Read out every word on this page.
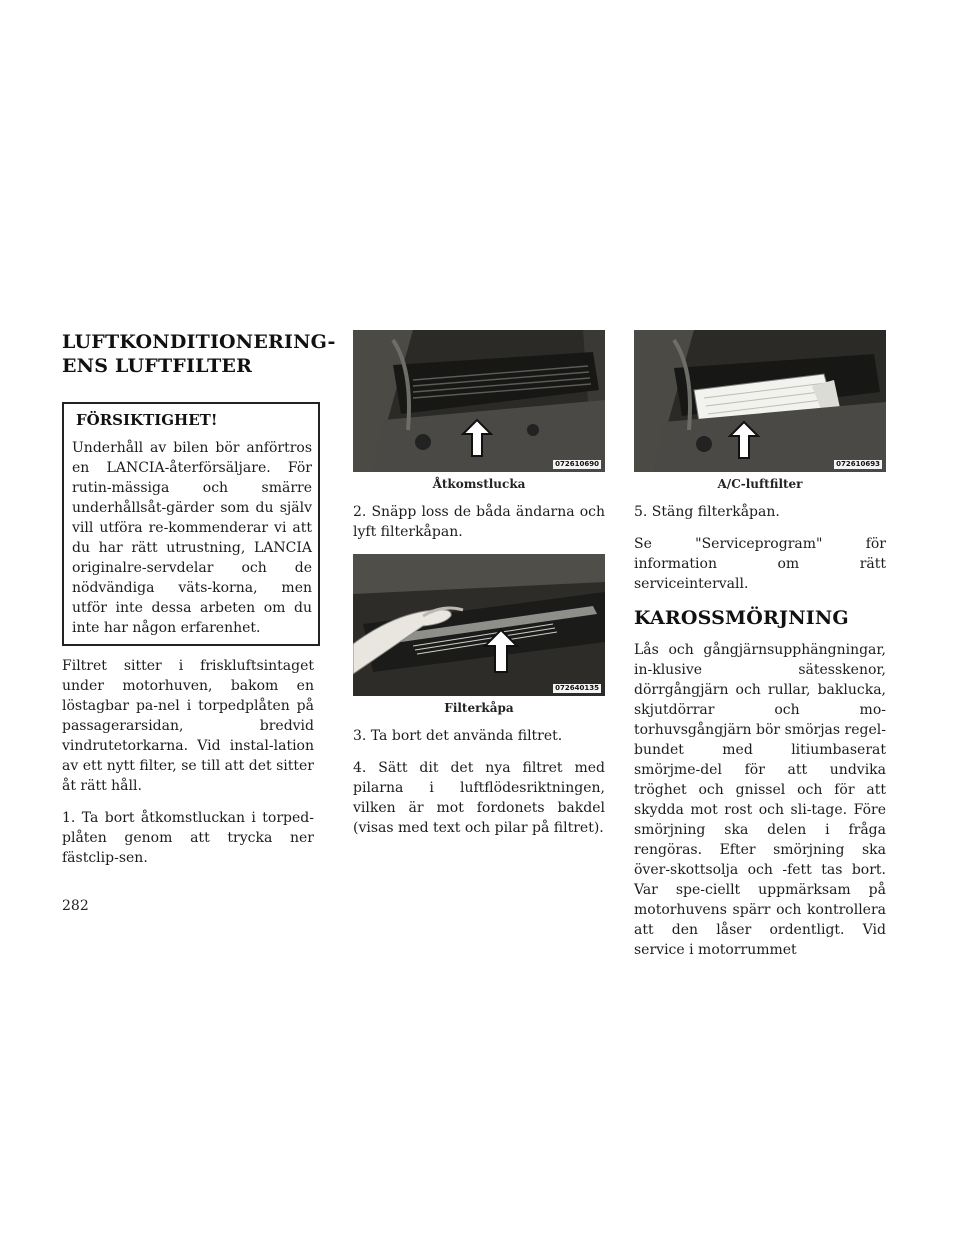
LUFTKONDITIONERING-
ENS LUFTFILTER
FÖRSIKTIGHET!

Underhåll av bilen bör anförtros en LANCIA-återförsäljare. För rutin-mässiga och smärre underhållsåt-gärder som du själv vill utföra re-kommenderar vi att du har rätt utrustning, LANCIA originalre-servdelar och de nödvändiga väts-korna, men utför inte dessa arbeten om du inte har någon erfarenhet.

Filtret sitter i friskluftsintaget under motorhuven, bakom en löstagbar pa-nel i torpedplåten på passagerarsidan, bredvid vindrutetorkarna. Vid instal-lation av ett nytt filter, se till att det sitter åt rätt håll.

1. Ta bort åtkomstluckan i torped-plåten genom att trycka ner fästclip-sen.

072610690
Åtkomstlucka

2. Snäpp loss de båda ändarna och lyft filterkåpan.

072640135
Filterkåpa

3. Ta bort det använda filtret.

4. Sätt dit det nya filtret med pilarna i luftflödesriktningen, vilken är mot fordonets bakdel (visas med text och pilar på filtret).

072610693
A/C-luftfilter

5. Stäng filterkåpan.

Se "Serviceprogram" för information om rätt serviceintervall.

KAROSSMÖRJNING

Lås och gångjärnsupphängningar, in-klusive sätesskenor, dörrgångjärn och rullar, baklucka, skjutdörrar och mo-torhuvsgångjärn bör smörjas regel-bundet med litiumbaserat smörjme-del för att undvika tröghet och gnissel och för att skydda mot rost och sli-tage. Före smörjning ska delen i fråga rengöras. Efter smörjning ska över-skottsolja och -fett tas bort. Var spe-ciellt uppmärksam på motorhuvens spärr och kontrollera att den låser ordentligt. Vid service i motorrummet

282
